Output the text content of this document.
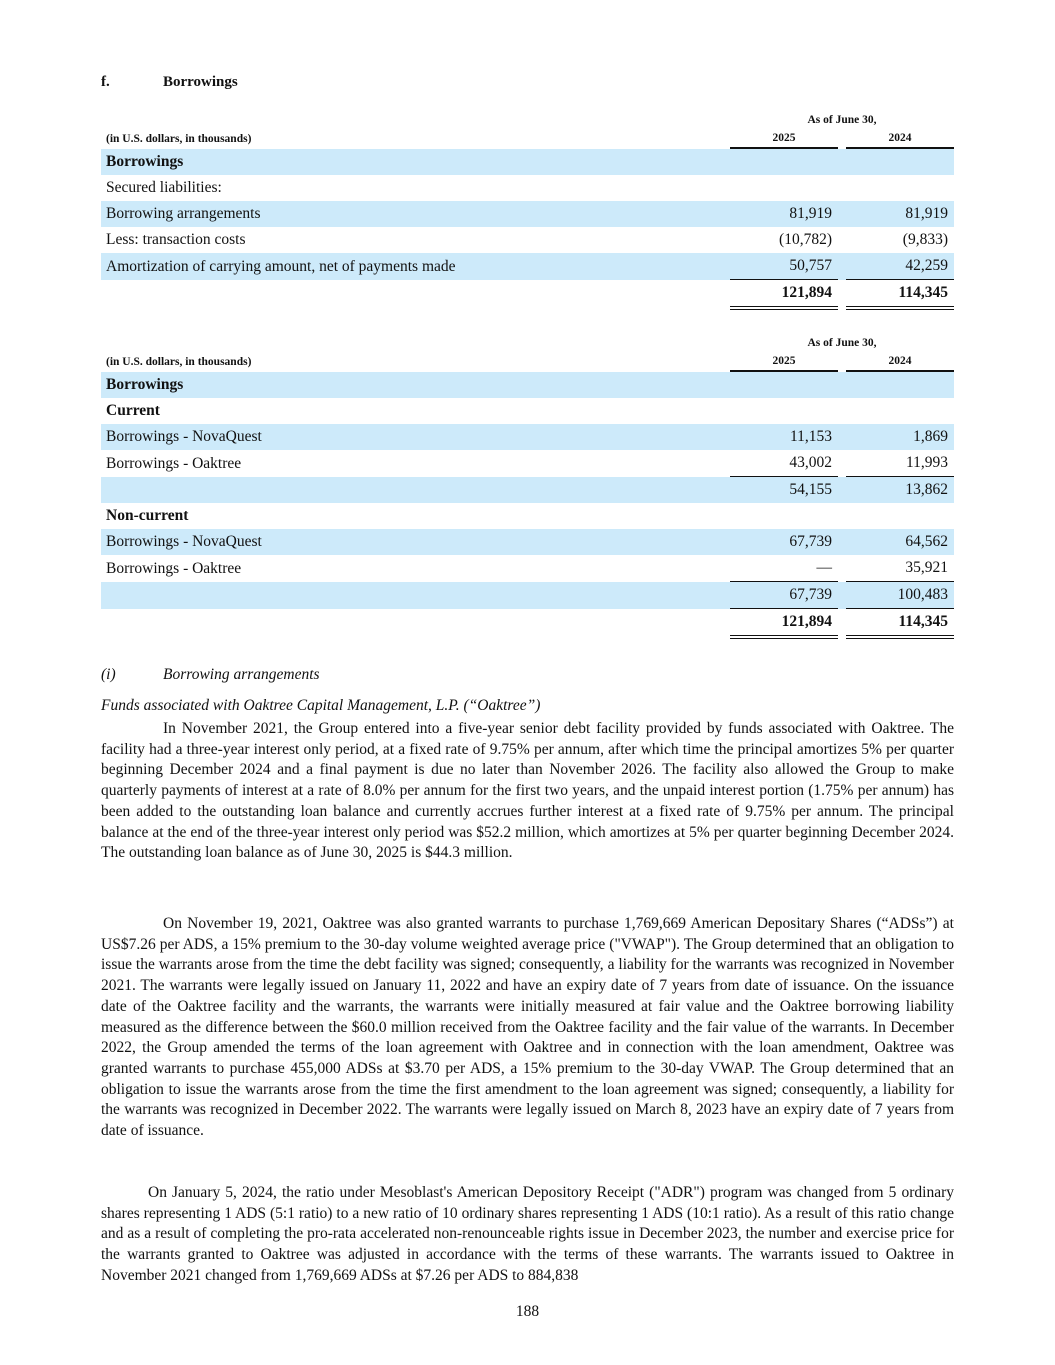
f.	Borrowings
	As of June 30,		
(in U.S. dollars, in thousands)	2025		2024
Borrowings			
Secured liabilities:			
Borrowing arrangements	81,919		81,919
Less: transaction costs	(10,782)		(9,833)
Amortization of carrying amount, net of payments made	50,757		42,259
	121,894		114,345
	As of June 30,		
(in U.S. dollars, in thousands)	2025		2024
Borrowings			
Current			
Borrowings - NovaQuest	11,153		1,869
Borrowings - Oaktree	43,002		11,993
	54,155		13,862
Non-current			
Borrowings - NovaQuest	67,739		64,562
Borrowings - Oaktree	—		35,921
	67,739		100,483
	121,894		114,345
(i)	Borrowing arrangements
Funds associated with Oaktree Capital Management, L.P. (“Oaktree”)

In November 2021, the Group entered into a five-year senior debt facility provided by funds associated with Oaktree. The facility had a three-year interest only period, at a fixed rate of 9.75% per annum, after which time the principal amortizes 5% per quarter beginning December 2024 and a final payment is due no later than November 2026. The facility also allowed the Group to make quarterly payments of interest at a rate of 8.0% per annum for the first two years, and the unpaid interest portion (1.75% per annum) has been added to the outstanding loan balance and currently accrues further interest at a fixed rate of 9.75% per annum. The principal balance at the end of the three-year interest only period was $52.2 million, which amortizes at 5% per quarter beginning December 2024. The outstanding loan balance as of June 30, 2025 is $44.3 million.

On November 19, 2021, Oaktree was also granted warrants to purchase 1,769,669 American Depositary Shares (“ADSs”) at US$7.26 per ADS, a 15% premium to the 30-day volume weighted average price ("VWAP"). The Group determined that an obligation to issue the warrants arose from the time the debt facility was signed; consequently, a liability for the warrants was recognized in November 2021. The warrants were legally issued on January 11, 2022 and have an expiry date of 7 years from date of issuance. On the issuance date of the Oaktree facility and the warrants, the warrants were initially measured at fair value and the Oaktree borrowing liability measured as the difference between the $60.0 million received from the Oaktree facility and the fair value of the warrants. In December 2022, the Group amended the terms of the loan agreement with Oaktree and in connection with the loan amendment, Oaktree was granted warrants to purchase 455,000 ADSs at $3.70 per ADS, a 15% premium to the 30-day VWAP. The Group determined that an obligation to issue the warrants arose from the time the first amendment to the loan agreement was signed; consequently, a liability for the warrants was recognized in December 2022. The warrants were legally issued on March 8, 2023 have an expiry date of 7 years from date of issuance.

On January 5, 2024, the ratio under Mesoblast's American Depository Receipt ("ADR") program was changed from 5 ordinary shares representing 1 ADS (5:1 ratio) to a new ratio of 10 ordinary shares representing 1 ADS (10:1 ratio). As a result of this ratio change and as a result of completing the pro-rata accelerated non-renounceable rights issue in December 2023, the number and exercise price for the warrants granted to Oaktree was adjusted in accordance with the terms of these warrants. The warrants issued to Oaktree in November 2021 changed from 1,769,669 ADSs at $7.26 per ADS to 884,838

188
